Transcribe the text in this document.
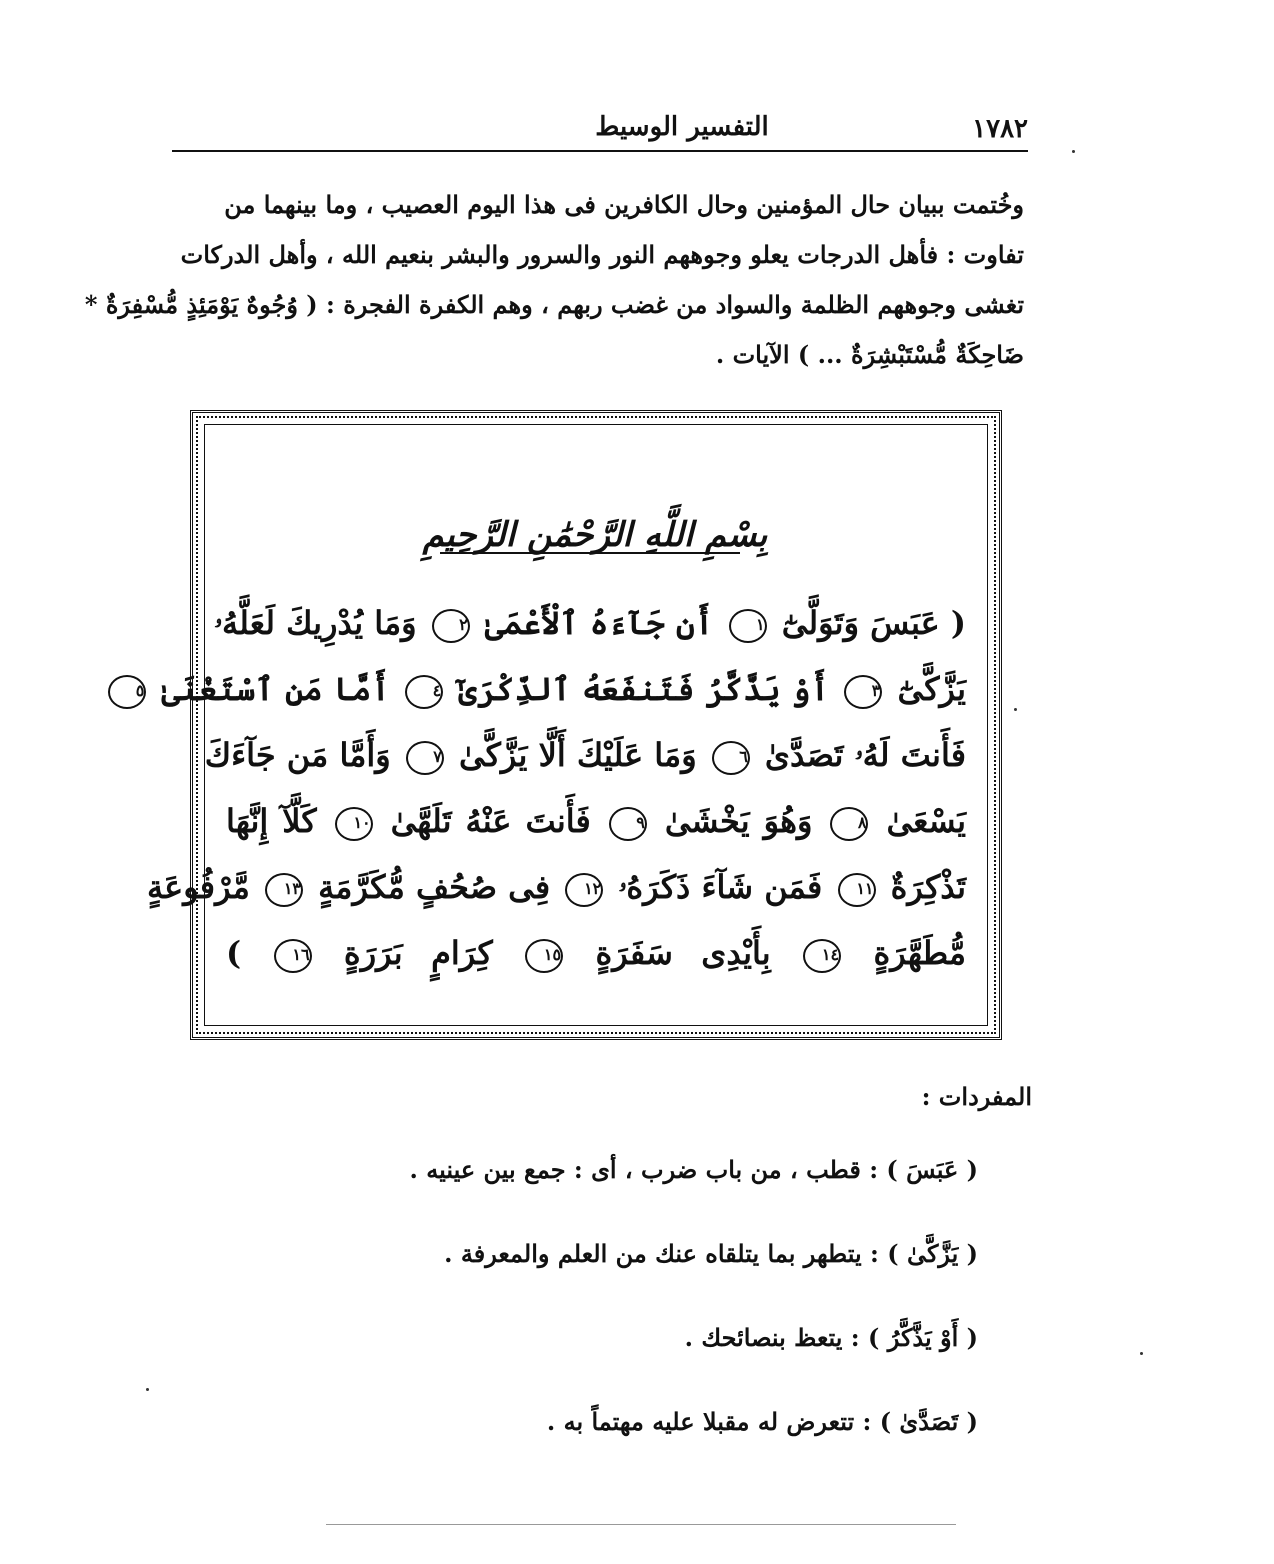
١٧٨٢
التفسير الوسيط
وخُتمت ببيان حال المؤمنين وحال الكافرين فى هذا اليوم العصيب ، وما بينهما من
تفاوت : فأهل الدرجات يعلو وجوههم النور والسرور والبشر بنعيم الله ، وأهل الدركات
تغشى وجوههم الظلمة والسواد من غضب ربهم ، وهم الكفرة الفجرة : ( وُجُوهٌ يَوْمَئِذٍ مُّسْفِرَةٌ *
ضَاحِكَةٌ مُّسْتَبْشِرَةٌ ... ) الآيات .
بِسْمِ اللَّهِ الرَّحْمَٰنِ الرَّحِيمِ
( عَبَسَ وَتَوَلَّىٰٓ ١ أَن جَآءَهُ ٱلْأَعْمَىٰ ٢ وَمَا يُدْرِيكَ لَعَلَّهُۥ
يَزَّكَّىٰٓ ٣ أَوْ يَذَّكَّرُ فَتَنفَعَهُ ٱلذِّكْرَىٰٓ ٤ أَمَّا مَنِ ٱسْتَغْنَىٰ ٥
فَأَنتَ لَهُۥ تَصَدَّىٰ ٦ وَمَا عَلَيْكَ أَلَّا يَزَّكَّىٰ ٧ وَأَمَّا مَن جَآءَكَ
يَسْعَىٰ ٨ وَهُوَ يَخْشَىٰ ٩ فَأَنتَ عَنْهُ تَلَهَّىٰ ١٠ كَلَّآ إِنَّهَا
تَذْكِرَةٌ ١١ فَمَن شَآءَ ذَكَرَهُۥ ١٢ فِى صُحُفٍ مُّكَرَّمَةٍ ١٣ مَّرْفُوعَةٍ
مُّطَهَّرَةٍ ١٤ بِأَيْدِى سَفَرَةٍ ١٥ كِرَامٍ بَرَرَةٍ ١٦ )
المفردات :
( عَبَسَ ) : قطب ، من باب ضرب ، أى : جمع بين عينيه .
( يَزَّكَّىٰ ) : يتطهر بما يتلقاه عنك من العلم والمعرفة .
( أَوْ يَذَّكَّرُ ) : يتعظ بنصائحك .
( تَصَدَّىٰ ) : تتعرض له مقبلا عليه مهتماً به .
